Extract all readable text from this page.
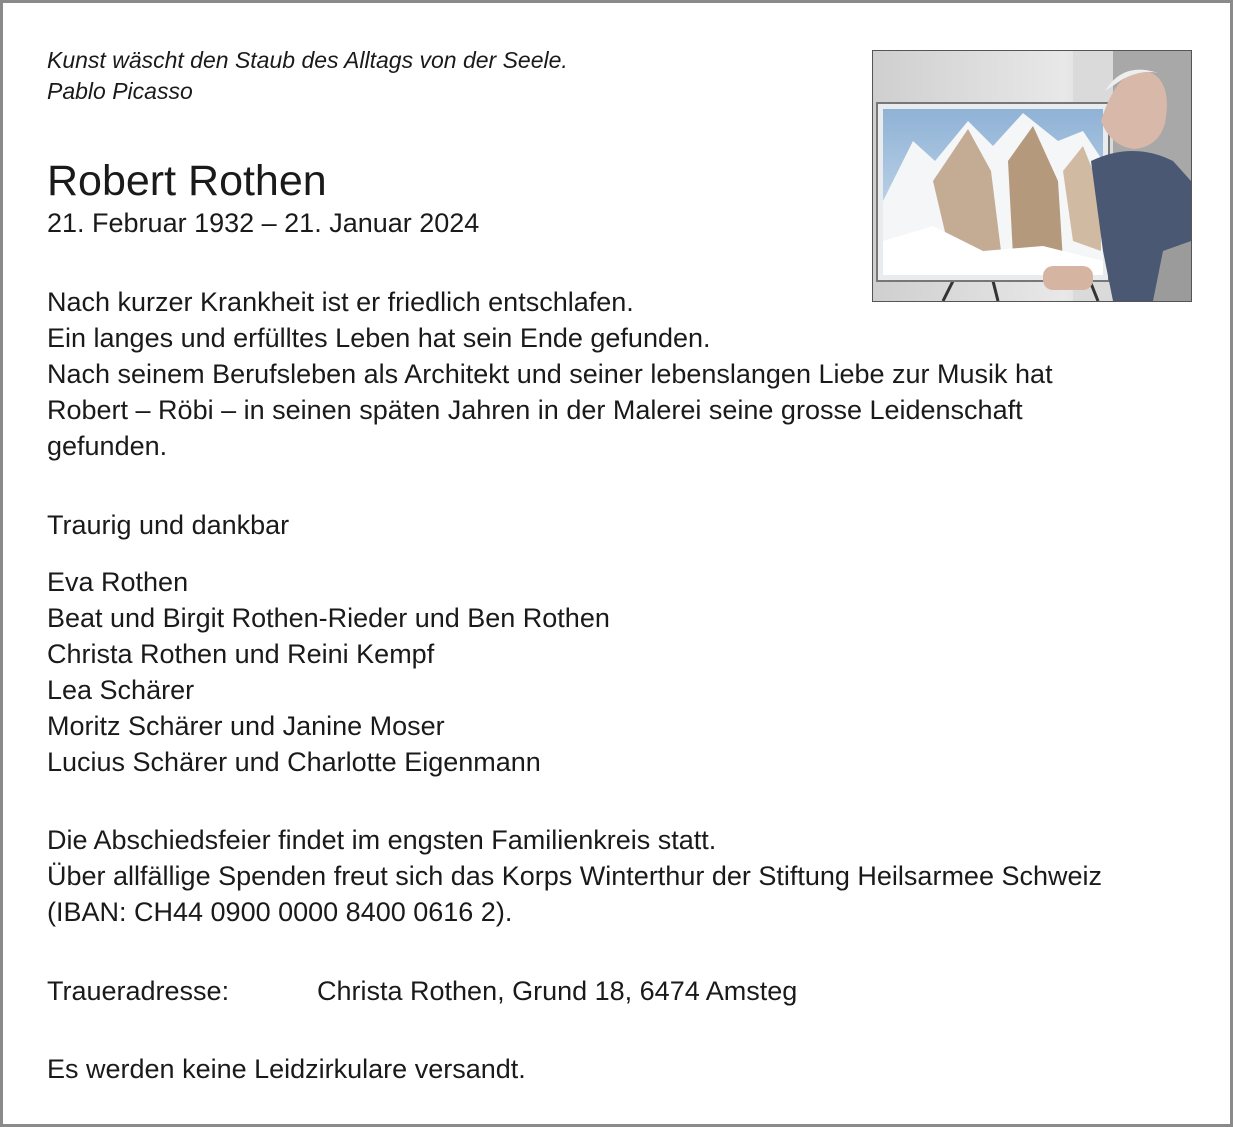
Kunst wäscht den Staub des Alltags von der Seele.
Pablo Picasso
Robert Rothen
21. Februar 1932 – 21. Januar 2024
Nach kurzer Krankheit ist er friedlich entschlafen.
Ein langes und erfülltes Leben hat sein Ende gefunden.
Nach seinem Berufsleben als Architekt und seiner lebenslangen Liebe zur Musik hat Robert – Röbi – in seinen späten Jahren in der Malerei seine grosse Leidenschaft gefunden.
Traurig und dankbar
Eva Rothen
Beat und Birgit Rothen-Rieder und Ben Rothen
Christa Rothen und Reini Kempf
Lea Schärer
Moritz Schärer und Janine Moser
Lucius Schärer und Charlotte Eigenmann
Die Abschiedsfeier findet im engsten Familienkreis statt.
Über allfällige Spenden freut sich das Korps Winterthur der Stiftung Heilsarmee Schweiz (IBAN: CH44 0900 0000 8400 0616 2).
Traueradresse:	Christa Rothen, Grund 18, 6474 Amsteg
Es werden keine Leidzirkulare versandt.
